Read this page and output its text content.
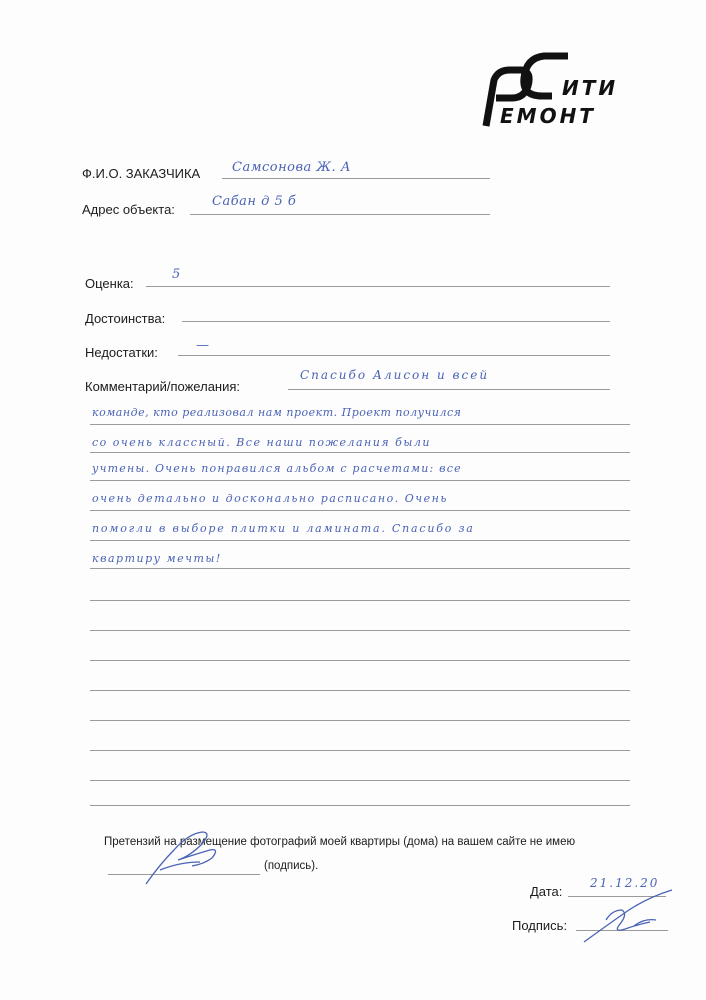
ИТИ
ЕМОНТ
Ф.И.О. ЗАКАЗЧИКА Самсонова Ж. А
Адрес объекта:
Сабан д 5 б
Оценка:
5
Достоинства:
Недостатки:	—
Комментарий/пожелания:
Спасибо Алисон и всей
команде, кто реализовал нам проект. Проект получился
со очень классный. Все наши пожелания были
учтены. Очень понравился альбом с расчетами: все
очень детально и досконально расписано. Очень
помогли в выборе плитки и ламината. Спасибо за
квартиру мечты!
Претензий на размещение фотографий моей квартиры (дома) на вашем сайте не имею
(подпись).
Дата:
21.12.20
Подпись:
